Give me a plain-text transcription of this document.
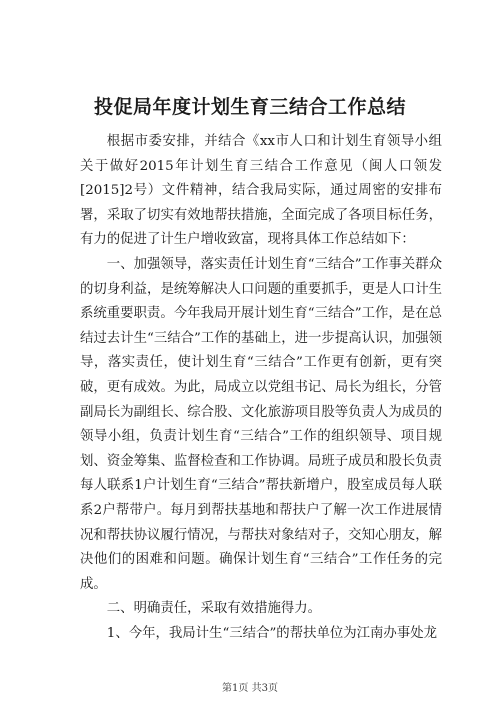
投促局年度计划生育三结合工作总结

根据市委安排，并结合《xx市人口和计划生育领导小组关于做好2015年计划生育三结合工作意见（闽人口领发[2015]2号）文件精神，结合我局实际，通过周密的安排布署，采取了切实有效地帮扶措施，全面完成了各项目标任务，有力的促进了计生户增收致富，现将具体工作总结如下：

一、加强领导，落实责任计划生育“三结合”工作事关群众的切身利益，是统筹解决人口问题的重要抓手，更是人口计生系统重要职责。今年我局开展计划生育“三结合”工作，是在总结过去计生“三结合”工作的基础上，进一步提高认识，加强领导，落实责任，使计划生育“三结合”工作更有创新，更有突破，更有成效。为此，局成立以党组书记、局长为组长，分管副局长为副组长、综合股、文化旅游项目股等负责人为成员的领导小组，负责计划生育“三结合”工作的组织领导、项目规划、资金筹集、监督检查和工作协调。局班子成员和股长负责每人联系1户计划生育“三结合”帮扶新增户，股室成员每人联系2户帮带户。每月到帮扶基地和帮扶户了解一次工作进展情况和帮扶协议履行情况，与帮扶对象结对子，交知心朋友，解决他们的困难和问题。确保计划生育“三结合”工作任务的完成。

二、明确责任，采取有效措施得力。

1、今年，我局计生“三结合”的帮扶单位为江南办事处龙

第1页 共3页
